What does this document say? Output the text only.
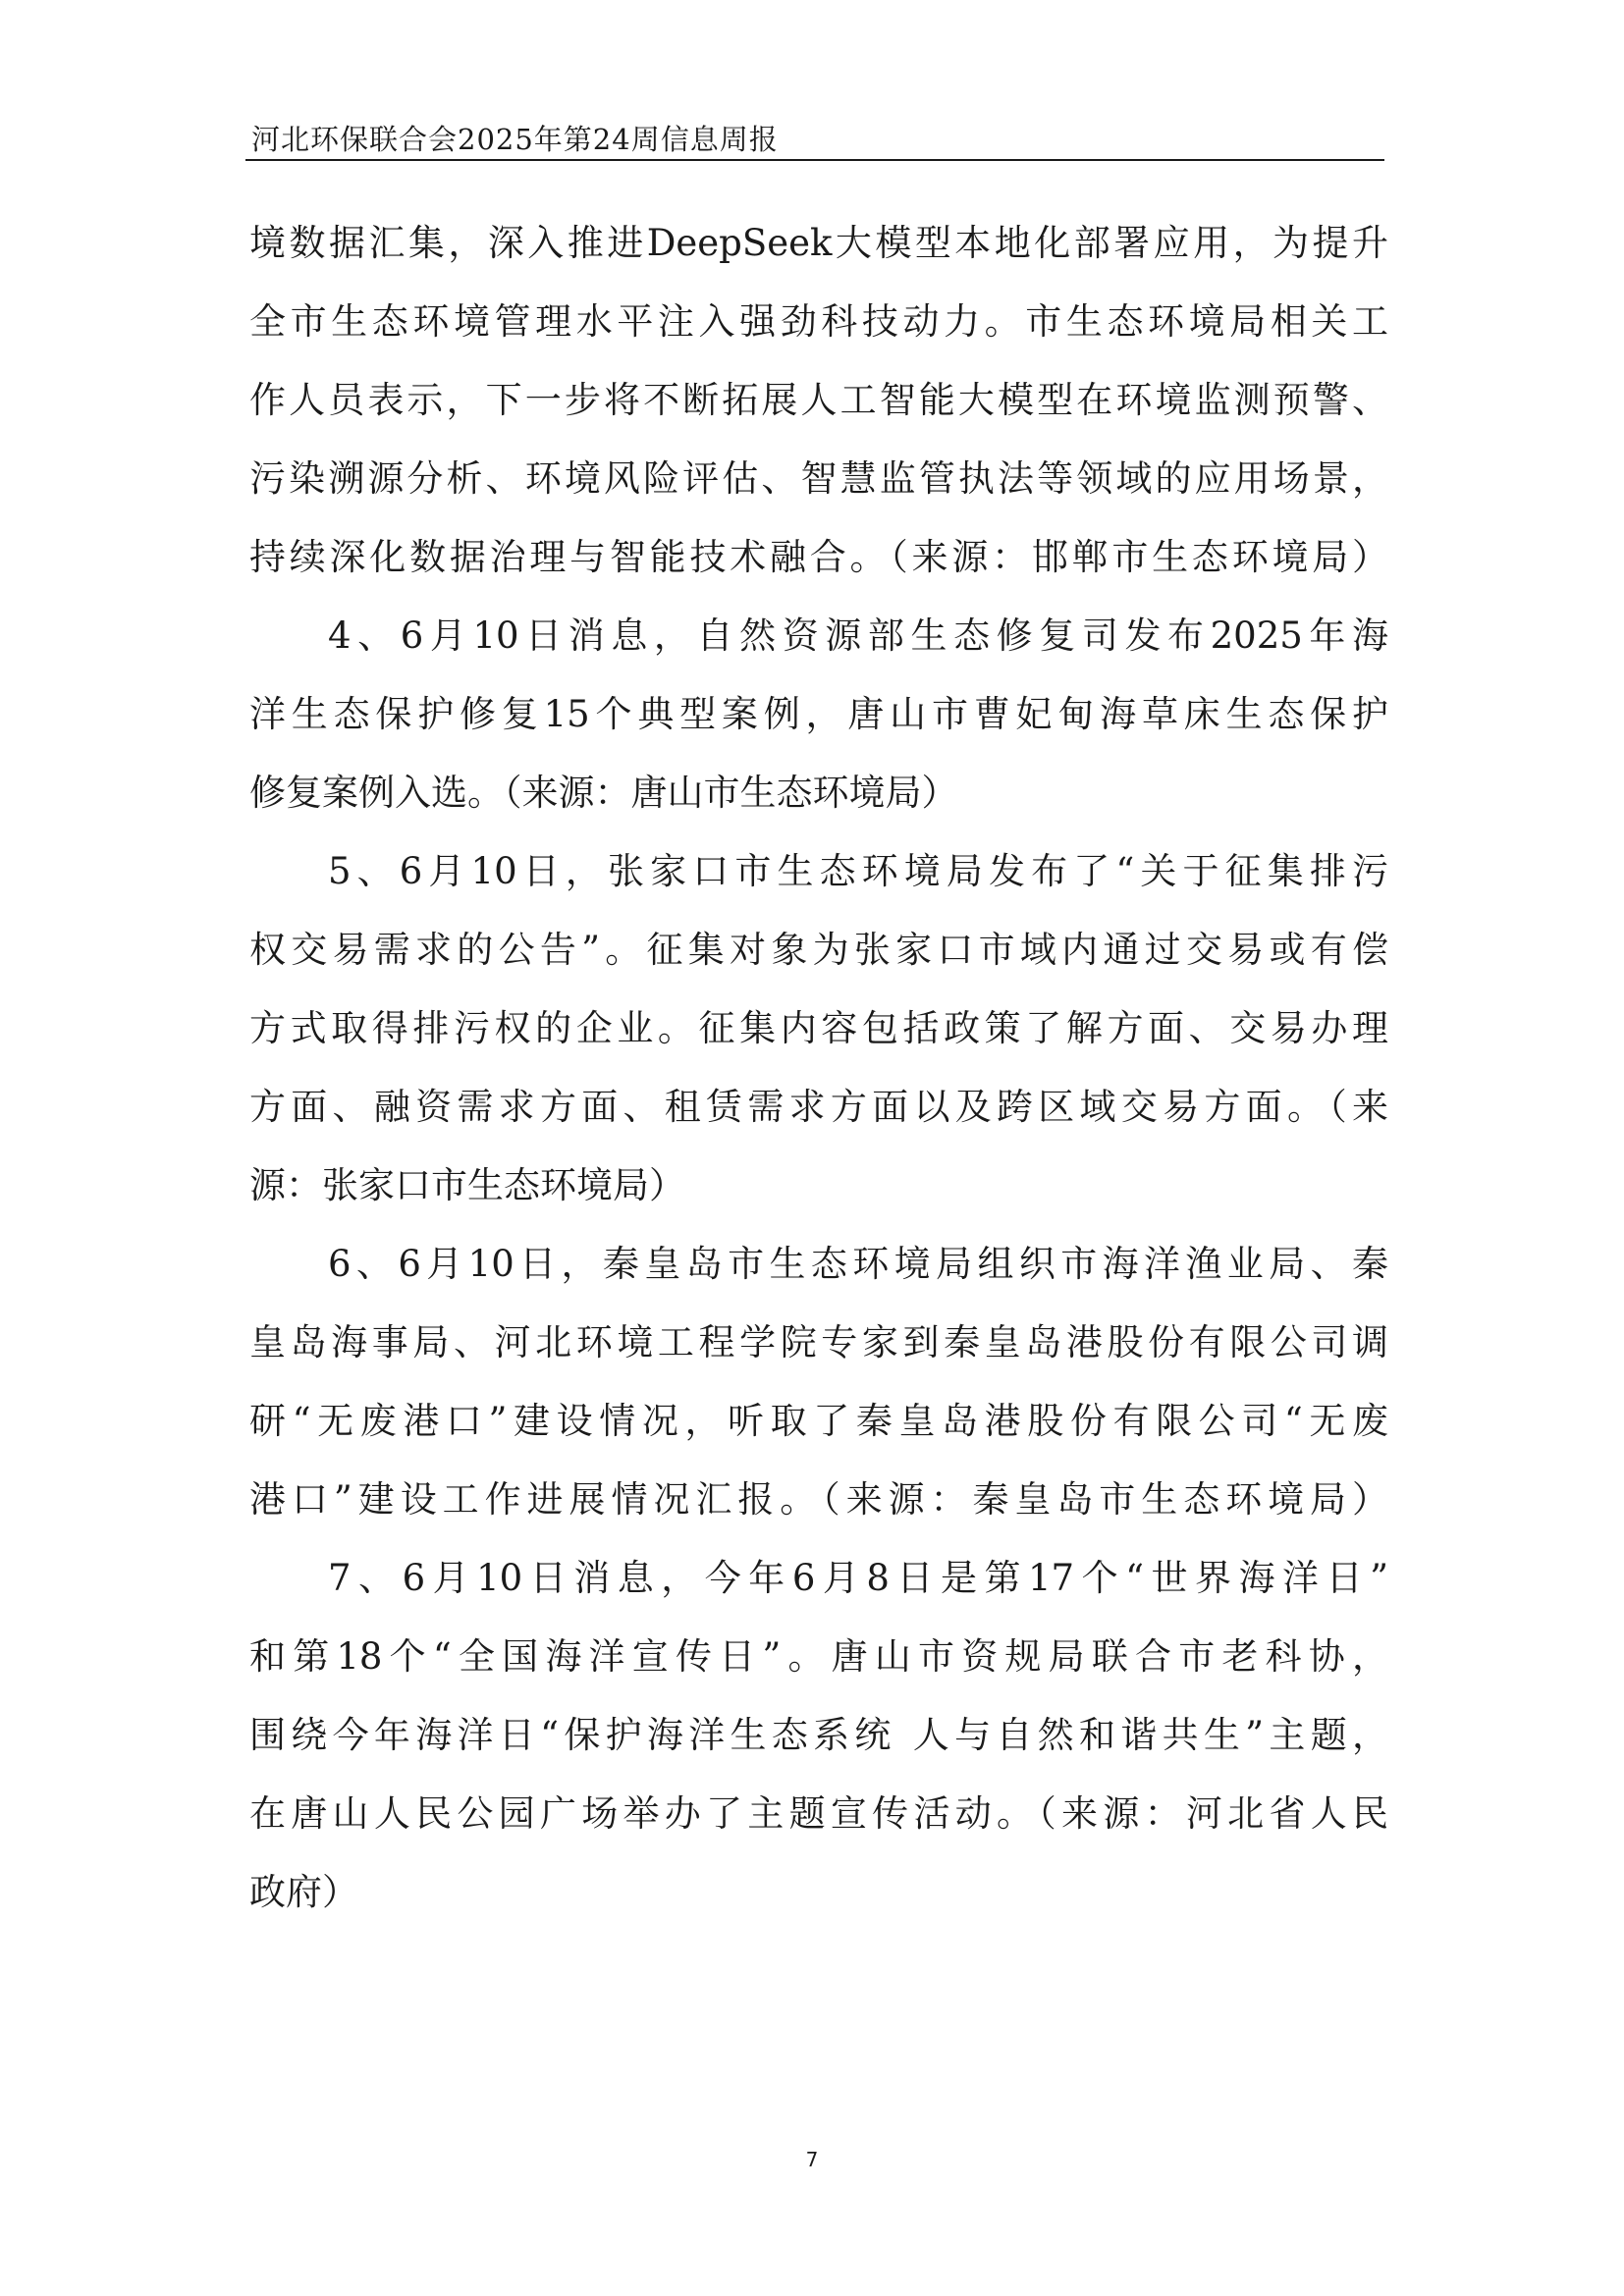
河北环保联合会2025年第24周信息周报
境数据汇集，深入推进DeepSeek大模型本地化部署应用，为提升
全市生态环境管理水平注入强劲科技动力。市生态环境局相关工
作人员表示，下一步将不断拓展人工智能大模型在环境监测预警、
污染溯源分析、环境风险评估、智慧监管执法等领域的应用场景，
持续深化数据治理与智能技术融合。（来源：邯郸市生态环境局）
4、6月10日消息，自然资源部生态修复司发布2025年海
洋生态保护修复15个典型案例，唐山市曹妃甸海草床生态保护
修复案例入选。（来源：唐山市生态环境局）
5、6月10日，张家口市生态环境局发布了“关于征集排污
权交易需求的公告”。征集对象为张家口市域内通过交易或有偿
方式取得排污权的企业。征集内容包括政策了解方面、交易办理
方面、融资需求方面、租赁需求方面以及跨区域交易方面。（来
源：张家口市生态环境局）
6、6月10日，秦皇岛市生态环境局组织市海洋渔业局、秦
皇岛海事局、河北环境工程学院专家到秦皇岛港股份有限公司调
研“无废港口”建设情况，听取了秦皇岛港股份有限公司“无废
港口”建设工作进展情况汇报。（来源：秦皇岛市生态环境局）
7、6月10日消息，今年6月8日是第17个“世界海洋日”
和第18个“全国海洋宣传日”。唐山市资规局联合市老科协，
围绕今年海洋日“保护海洋生态系统 人与自然和谐共生”主题，
在唐山人民公园广场举办了主题宣传活动。（来源：河北省人民
政府）
7
